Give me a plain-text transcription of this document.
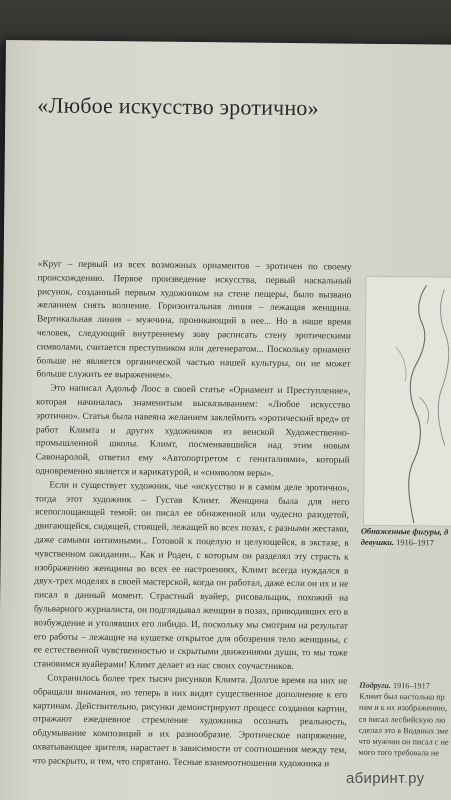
«Любое искусство эротично»

«Круг – первый из всех возможных орнаментов – эротичен по своему происхождению. Первое произведение искусства, первый наскальный рисунок, созданный первым художником на стене пещеры, было вызвано желанием снять волнение. Горизонтальная линия – лежащая женщина. Вертикальная линия – мужчина, проникающий в нее... Но в наше время человек, следующий внутреннему зову расписать стену эротическими символами, считается преступником или дегенератом... Поскольку орнамент больше не является органической частью нашей культуры, он не может больше служить ее выражением».

Это написал Адольф Лоос в своей статье «Орнамент и Преступление», которая начиналась знаменитым высказыванием: «Любое искусство эротично». Статья была навеяна желанием заклеймить «эротический вред» от работ Климта и других художников из венской Художественно-промышленной школы. Климт, посмеивавшийся над этим новым Савонаролой, ответил ему «Автопортретом с гениталиями», который одновременно является и карикатурой, и «символом веры».

Если и существует художник, чье «искусство и в самом деле эротично», тогда этот художник – Густав Климт. Женщина была для него всепоглощающей темой: он писал ее обнаженной или чудесно разодетой, двигающейся, сидящей, стоящей, лежащей во всех позах, с разными жестами, даже самыми интимными... Готовой к поцелую и целующейся, в экстазе, в чувственном ожидании... Как и Роден, с которым он разделял эту страсть к изображению женщины во всех ее настроениях, Климт всегда нуждался в двух-трех моделях в своей мастерской, когда он работал, даже если он их и не писал в данный момент. Страстный вуайер, рисовальщик, похожий на бульварного журналиста, он подглядывал женщин в позах, приводивших его в возбуждение и утолявших его либидо. И, поскольку мы смотрим на результат его работы – лежащие на кушетке открытое для обозрения тело женщины, с ее естественной чувственностью и скрытыми движениями души, то мы тоже становимся вуайерами! Климт делает из нас своих соучастников.

Сохранилось более трех тысяч рисунков Климта. Долгое время на них не обращали внимания, но теперь в них видят существенное дополнение к его картинам. Действительно, рисунки демонстрируют процесс создания картин, отражают ежедневное стремление художника осознать реальность, обдумывание композиций и их разнообразие. Эротическое напряжение, охватывающее зрителя, нарастает в зависимости от соотношения между тем, что раскрыто, и тем, что спрятано. Тесные взаимоотношения художника и

Обнаженные фигуры, д
девушки. 1916–1917
Подруги. 1916–1917
Климт был настолько пр
нам и к их изображению,
ся писал лесбийскую лю
сделал это в Водяных зме
что мужчин он писал с не
мого того требовала не
абиринт.ру
